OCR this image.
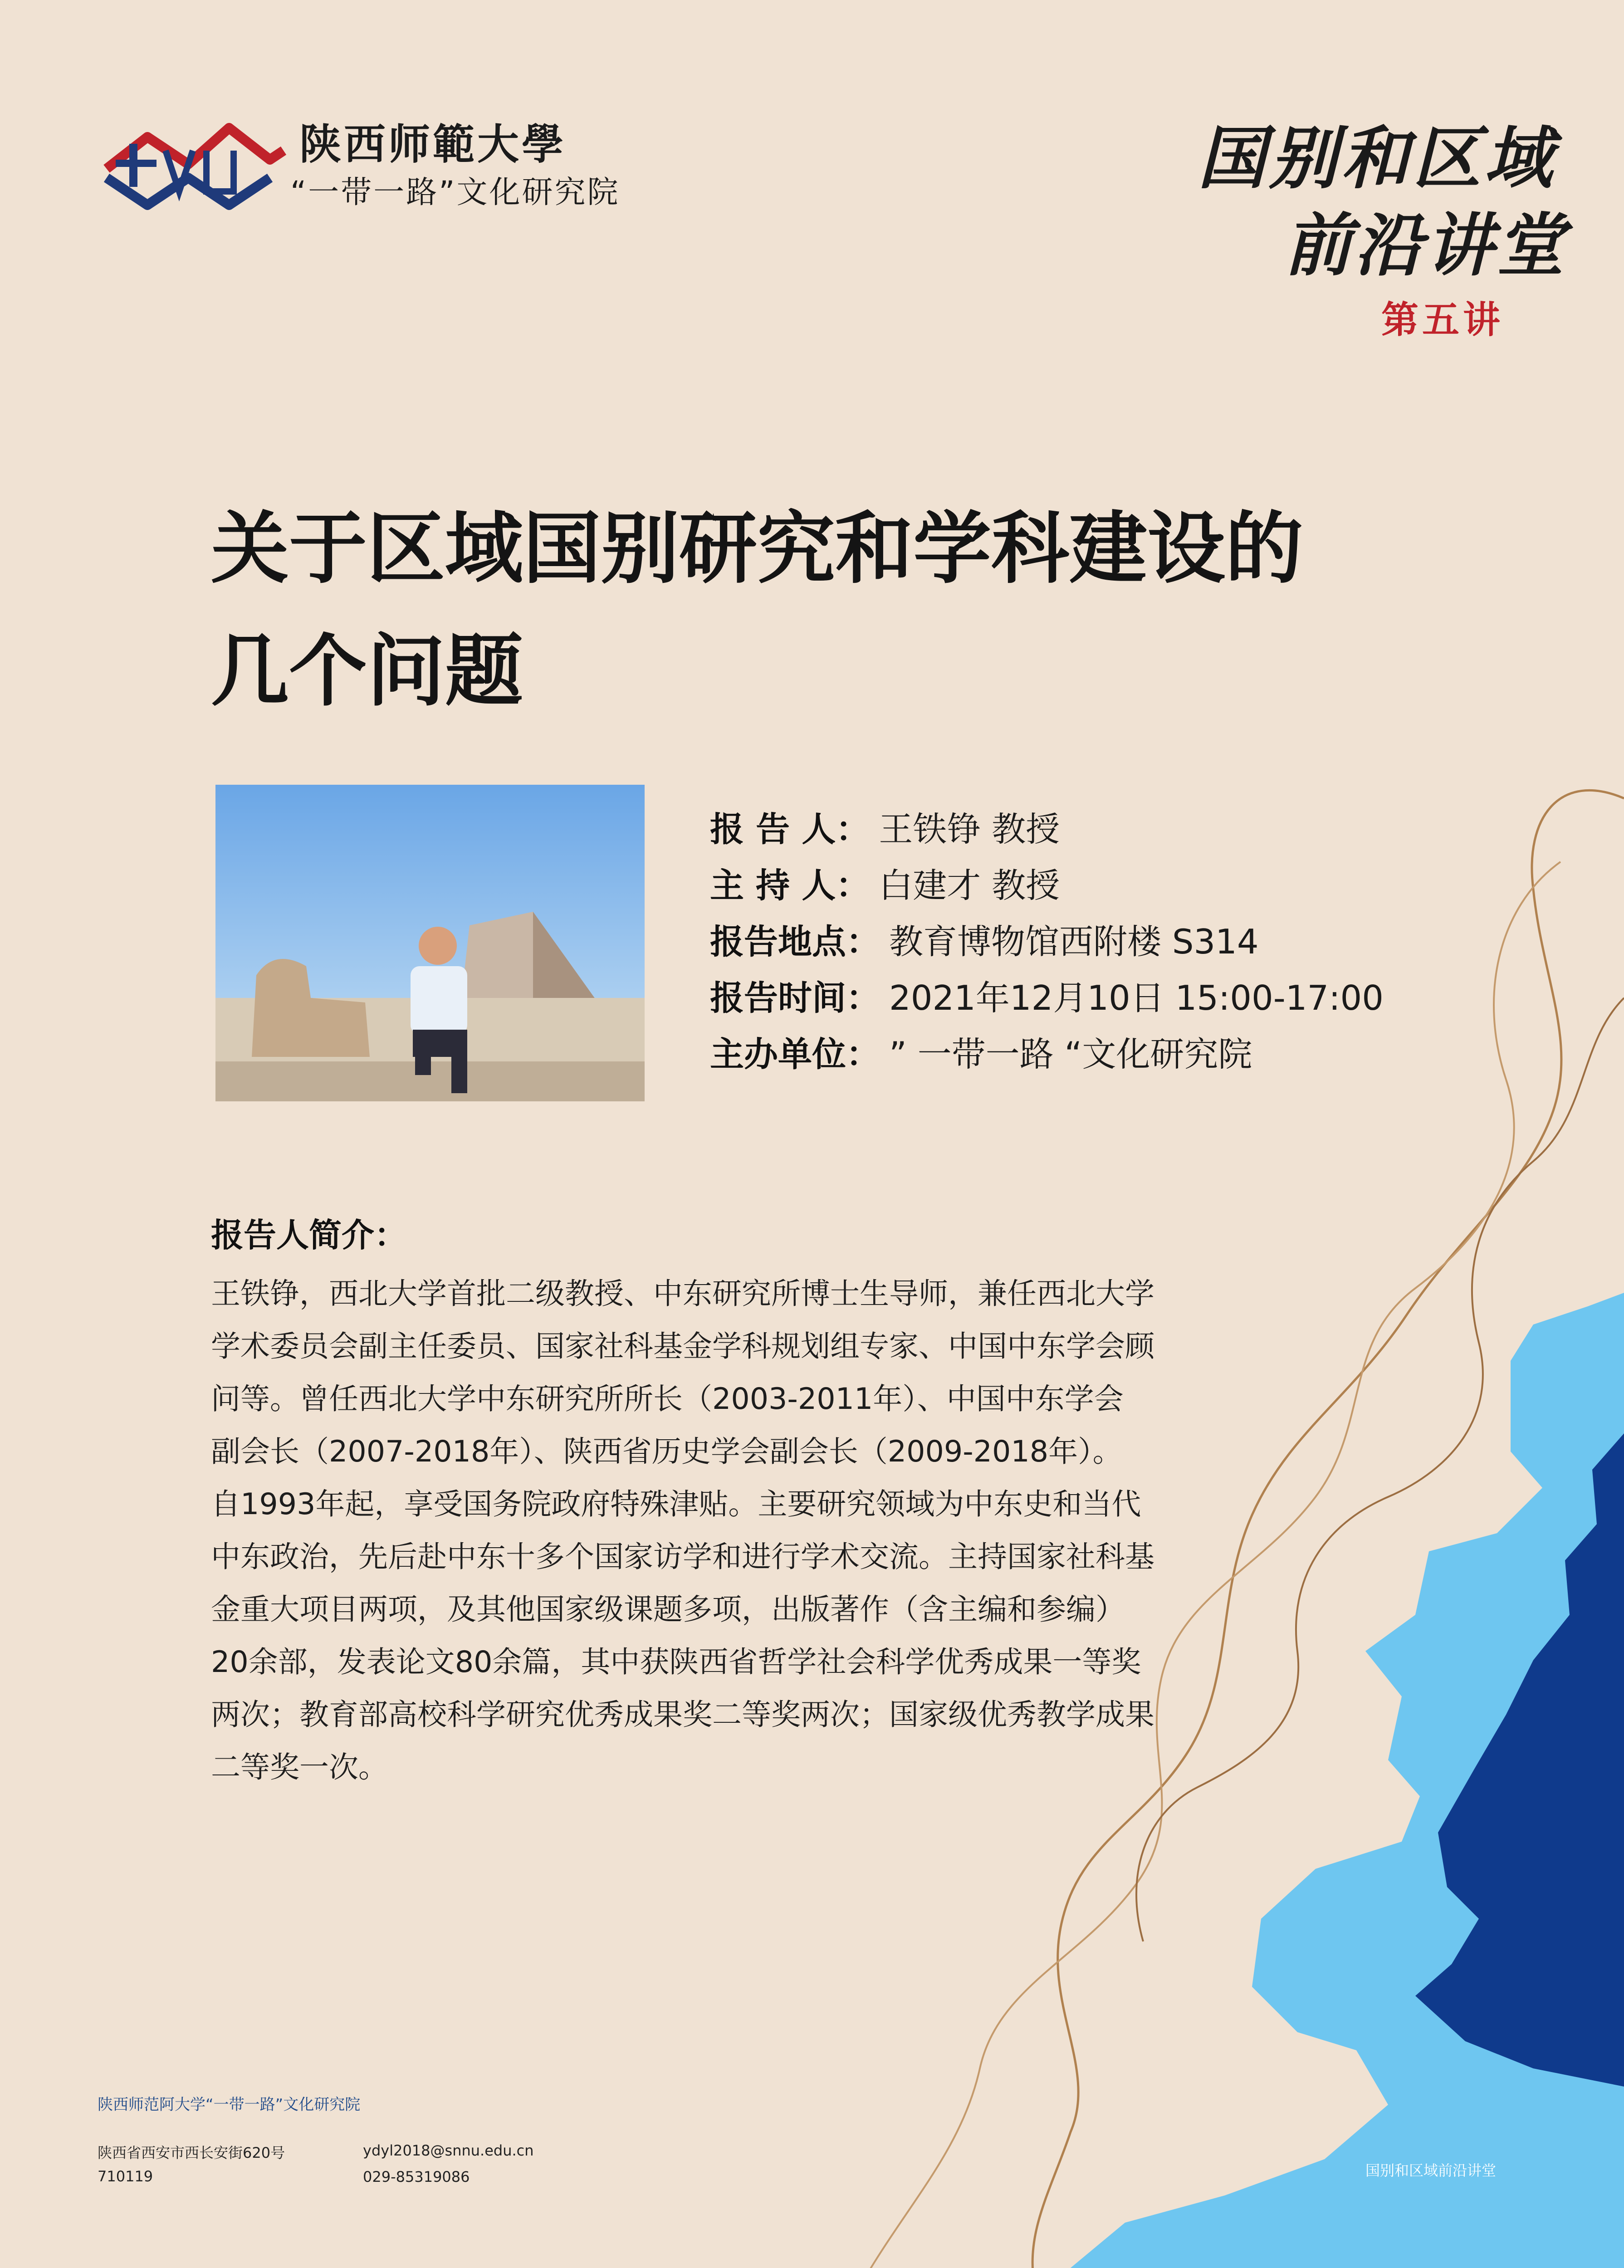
陕西师範大學
“一带一路”文化研究院	国别和区域
前沿讲堂
第五讲
关于区域国别研究和学科建设的
几个问题
报 告 人： 王铁铮 教授
主 持 人： 白建才 教授
报告地点： 教育博物馆西附楼 S314
报告时间： 2021年12月10日 15:00-17:00
主办单位： ” 一带一路 “文化研究院
报告人简介：
王铁铮，西北大学首批二级教授、中东研究所博士生导师，兼任西北大学
学术委员会副主任委员、国家社科基金学科规划组专家、中国中东学会顾
问等。曾任西北大学中东研究所所长（2003-2011年）、中国中东学会
副会长（2007-2018年）、陕西省历史学会副会长（2009-2018年）。
自1993年起，享受国务院政府特殊津贴。主要研究领域为中东史和当代
中东政治，先后赴中东十多个国家访学和进行学术交流。主持国家社科基
金重大项目两项，及其他国家级课题多项，出版著作（含主编和参编）
20余部，发表论文80余篇，其中获陕西省哲学社会科学优秀成果一等奖
两次；教育部高校科学研究优秀成果奖二等奖两次；国家级优秀教学成果
二等奖一次。
陕西师范阿大学“一带一路”文化研究院
陕西省西安市西长安街620号
710119
ydyl2018@snnu.edu.cn
029-85319086	国别和区域前沿讲堂
